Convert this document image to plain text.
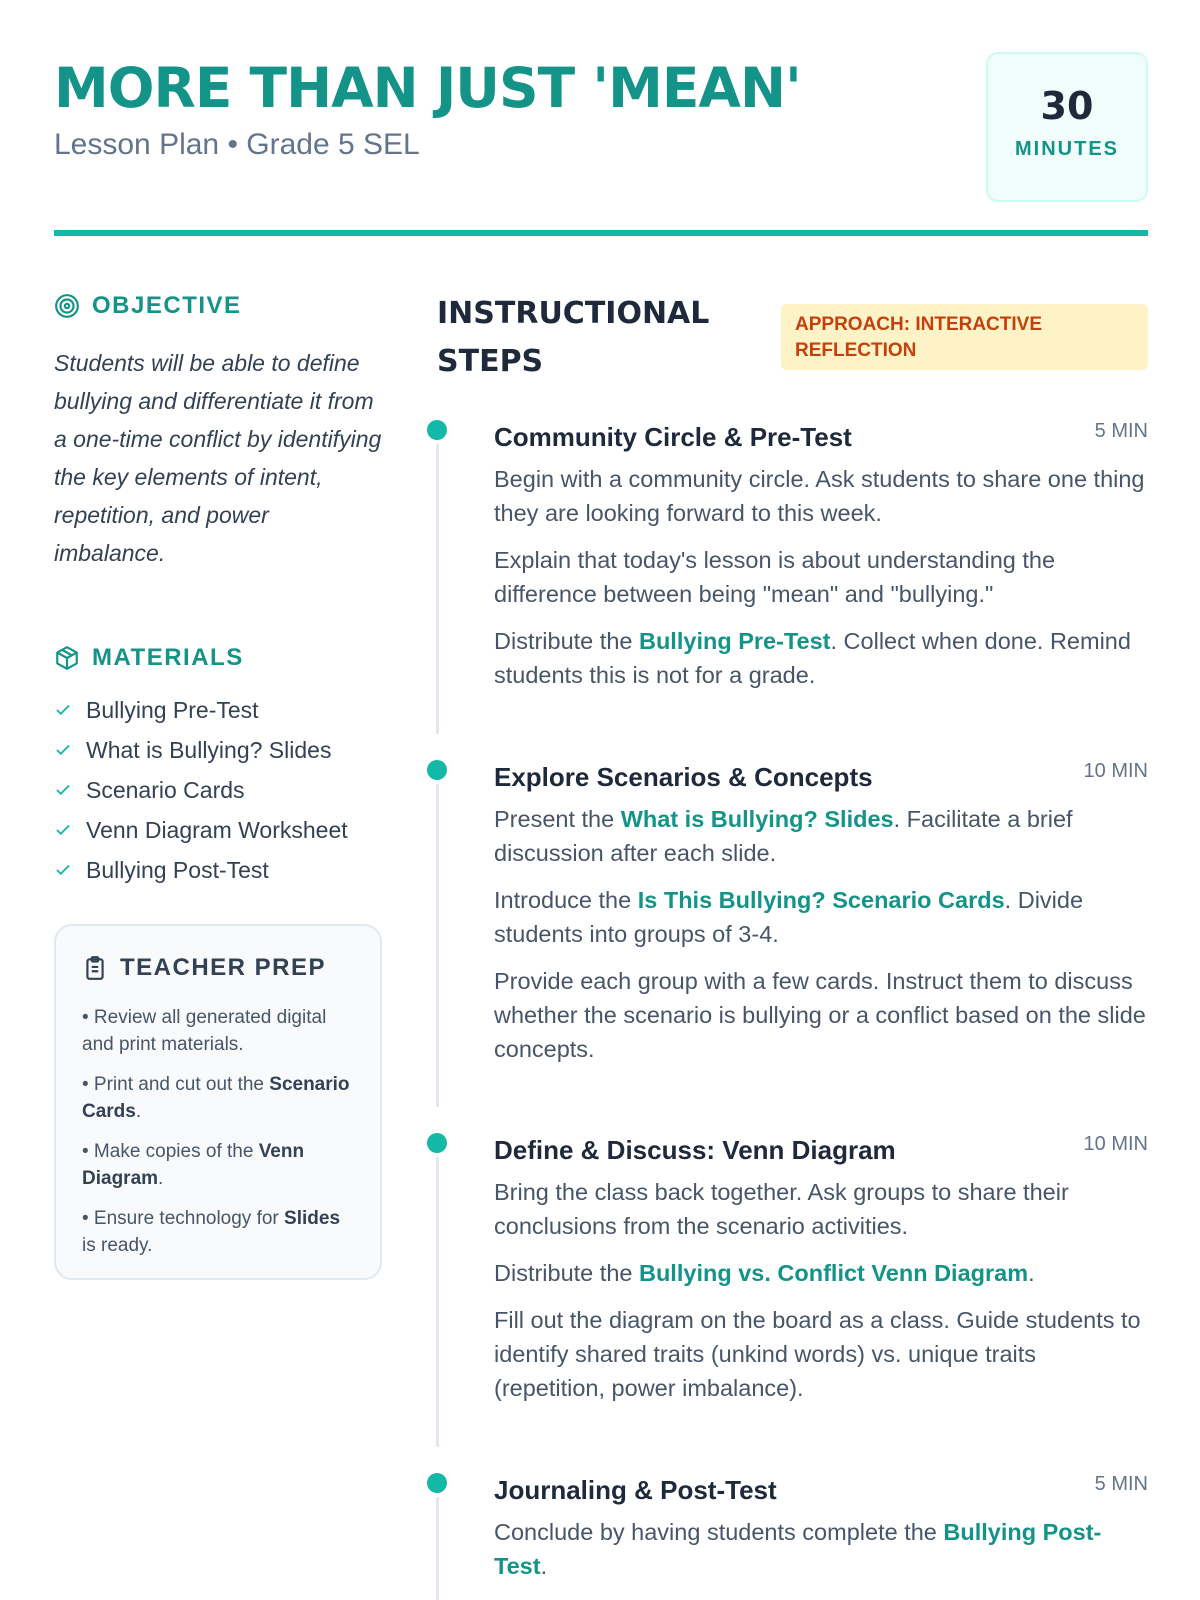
MORE THAN JUST 'MEAN'
Lesson Plan • Grade 5 SEL
30
MINUTES
OBJECTIVE

Students will be able to define bullying and differentiate it from a one-time conflict by identifying the key elements of intent, repetition, and power imbalance.

MATERIALS
Bullying Pre-Test
What is Bullying? Slides
Scenario Cards
Venn Diagram Worksheet
Bullying Post-Test
TEACHER PREP
• Review all generated digital and print materials.
• Print and cut out the Scenario Cards.
• Make copies of the Venn Diagram.
• Ensure technology for Slides is ready.
INSTRUCTIONAL STEPS
APPROACH: INTERACTIVE REFLECTION
Community Circle & Pre-Test	5 MIN

Begin with a community circle. Ask students to share one thing they are looking forward to this week.

Explain that today's lesson is about understanding the difference between being "mean" and "bullying."

Distribute the Bullying Pre-Test. Collect when done. Remind students this is not for a grade.

Explore Scenarios & Concepts	10 MIN

Present the What is Bullying? Slides. Facilitate a brief discussion after each slide.

Introduce the Is This Bullying? Scenario Cards. Divide students into groups of 3-4.

Provide each group with a few cards. Instruct them to discuss whether the scenario is bullying or a conflict based on the slide concepts.

Define & Discuss: Venn Diagram	10 MIN

Bring the class back together. Ask groups to share their conclusions from the scenario activities.

Distribute the Bullying vs. Conflict Venn Diagram.

Fill out the diagram on the board as a class. Guide students to identify shared traits (unkind words) vs. unique traits (repetition, power imbalance).

Journaling & Post-Test	5 MIN

Conclude by having students complete the Bullying Post-Test.
